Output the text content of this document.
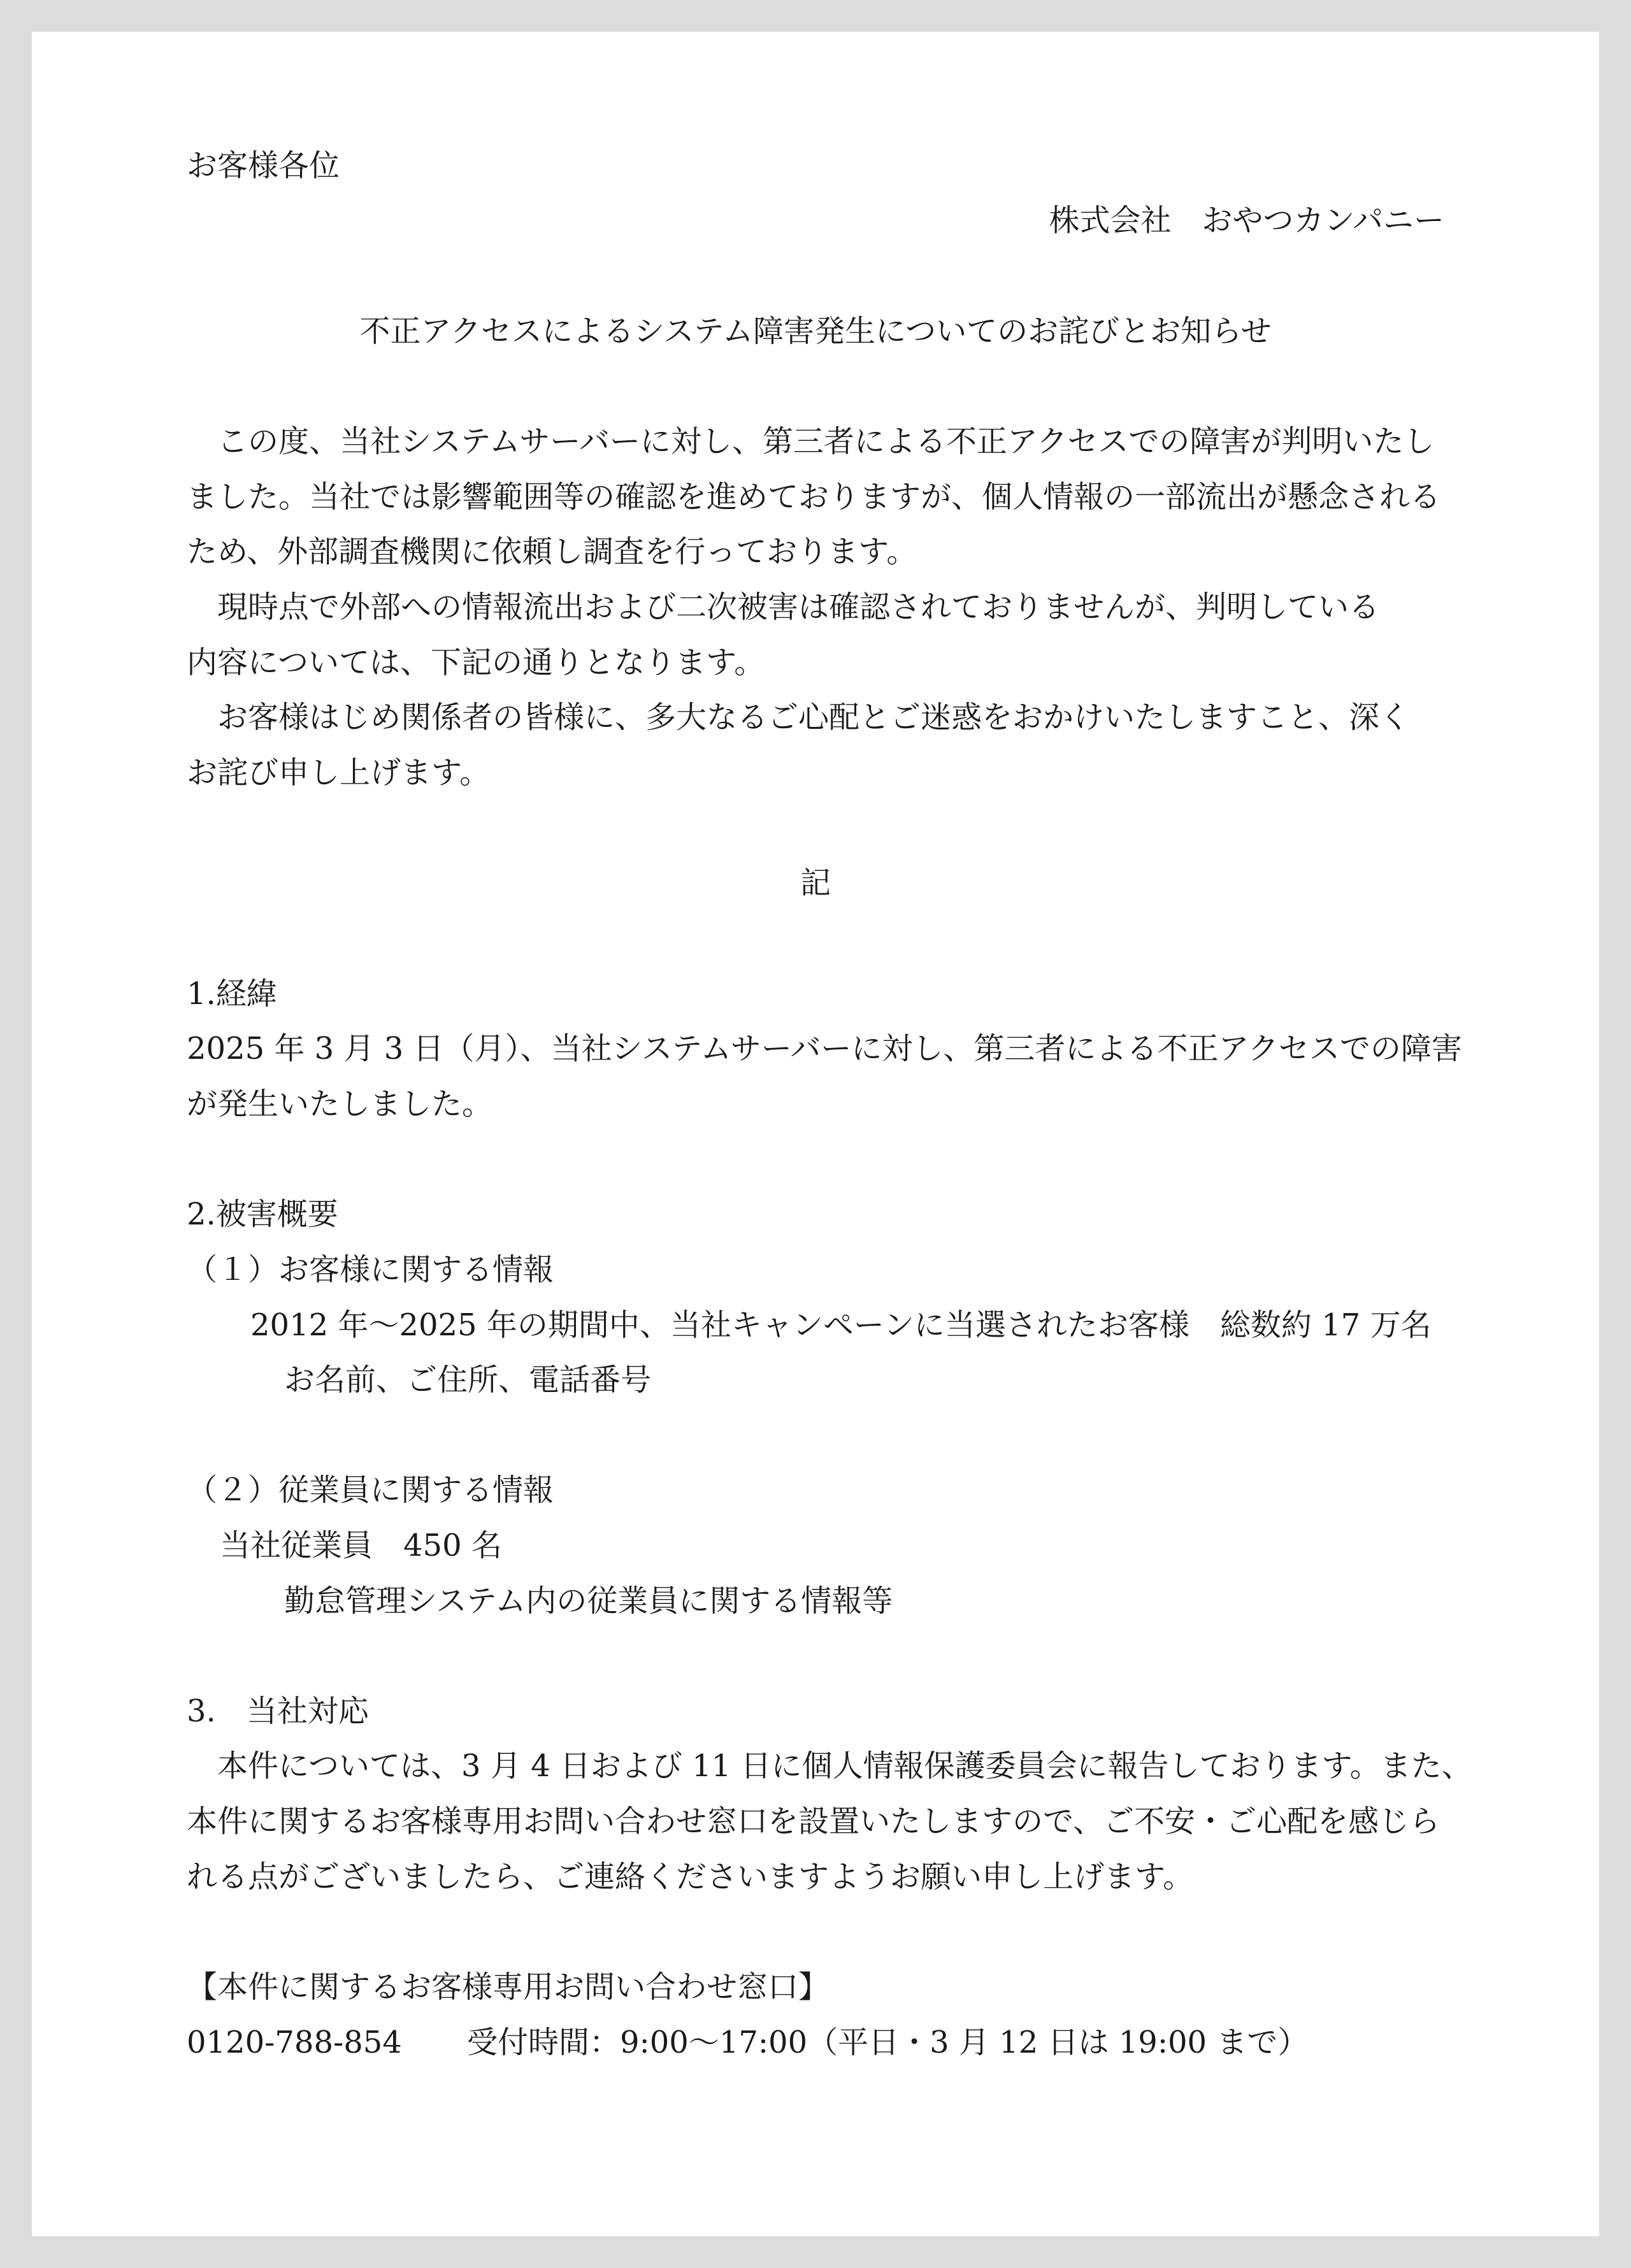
お客様各位
株式会社　おやつカンパニー
不正アクセスによるシステム障害発生についてのお詫びとお知らせ
　この度、当社システムサーバーに対し、第三者による不正アクセスでの障害が判明いたし
ました。当社では影響範囲等の確認を進めておりますが、個人情報の一部流出が懸念される
ため、外部調査機関に依頼し調査を行っております。
　現時点で外部への情報流出および二次被害は確認されておりませんが、判明している
内容については、下記の通りとなります。
　お客様はじめ関係者の皆様に、多大なるご心配とご迷惑をおかけいたしますこと、深く
お詫び申し上げます。
記
1.経緯
2025 年 3 月 3 日（月）、当社システムサーバーに対し、第三者による不正アクセスでの障害
が発生いたしました。
2.被害概要
（１）お客様に関する情報
2012 年～2025 年の期間中、当社キャンペーンに当選されたお客様　総数約 17 万名
お名前、ご住所、電話番号
（２）従業員に関する情報
当社従業員　450 名
勤怠管理システム内の従業員に関する情報等
3.　当社対応
　本件については、3 月 4 日および 11 日に個人情報保護委員会に報告しております。また、
本件に関するお客様専用お問い合わせ窓口を設置いたしますので、ご不安・ご心配を感じら
れる点がございましたら、ご連絡くださいますようお願い申し上げます。
【本件に関するお客様専用お問い合わせ窓口】
0120-788-854 受付時間：9:00～17:00（平日・3 月 12 日は 19:00 まで）
